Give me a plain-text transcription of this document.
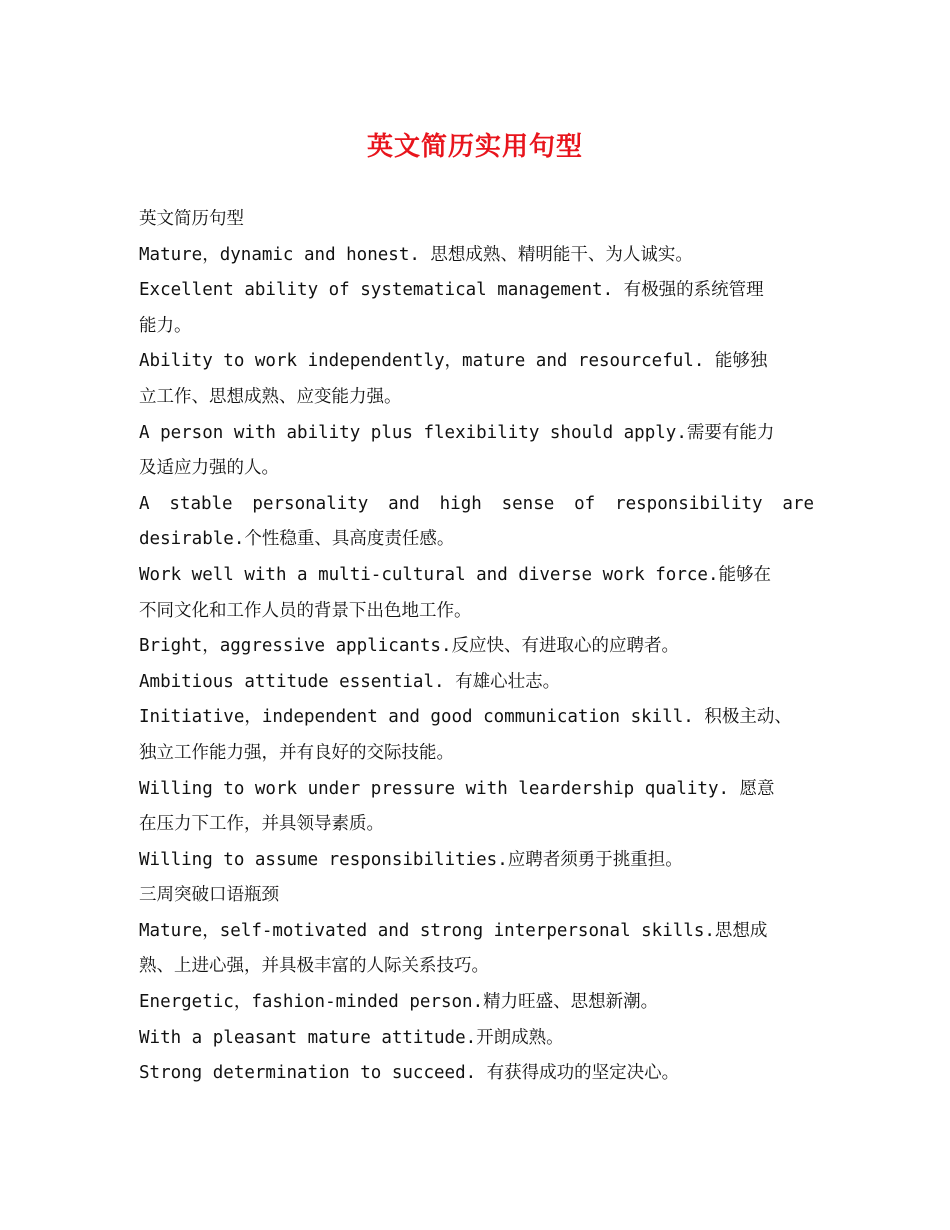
英文简历实用句型
英文简历句型
Mature，dynamic and honest. 思想成熟、精明能干、为人诚实。
Excellent ability of systematical management. 有极强的系统管理
能力。
Ability to work independently，mature and resourceful. 能够独
立工作、思想成熟、应变能力强。
A person with ability plus flexibility should apply.需要有能力
及适应力强的人。
A stable personality and high sense of responsibility are
desirable.个性稳重、具高度责任感。
Work well with a multi-cultural and diverse work force.能够在
不同文化和工作人员的背景下出色地工作。
Bright，aggressive applicants.反应快、有进取心的应聘者。
Ambitious attitude essential. 有雄心壮志。
Initiative，independent and good communication skill. 积极主动、
独立工作能力强，并有良好的交际技能。
Willing to work under pressure with leardership quality. 愿意
在压力下工作，并具领导素质。
Willing to assume responsibilities.应聘者须勇于挑重担。
三周突破口语瓶颈
Mature，self-motivated and strong interpersonal skills.思想成
熟、上进心强，并具极丰富的人际关系技巧。
Energetic，fashion-minded person.精力旺盛、思想新潮。
With a pleasant mature attitude.开朗成熟。
Strong determination to succeed. 有获得成功的坚定决心。
